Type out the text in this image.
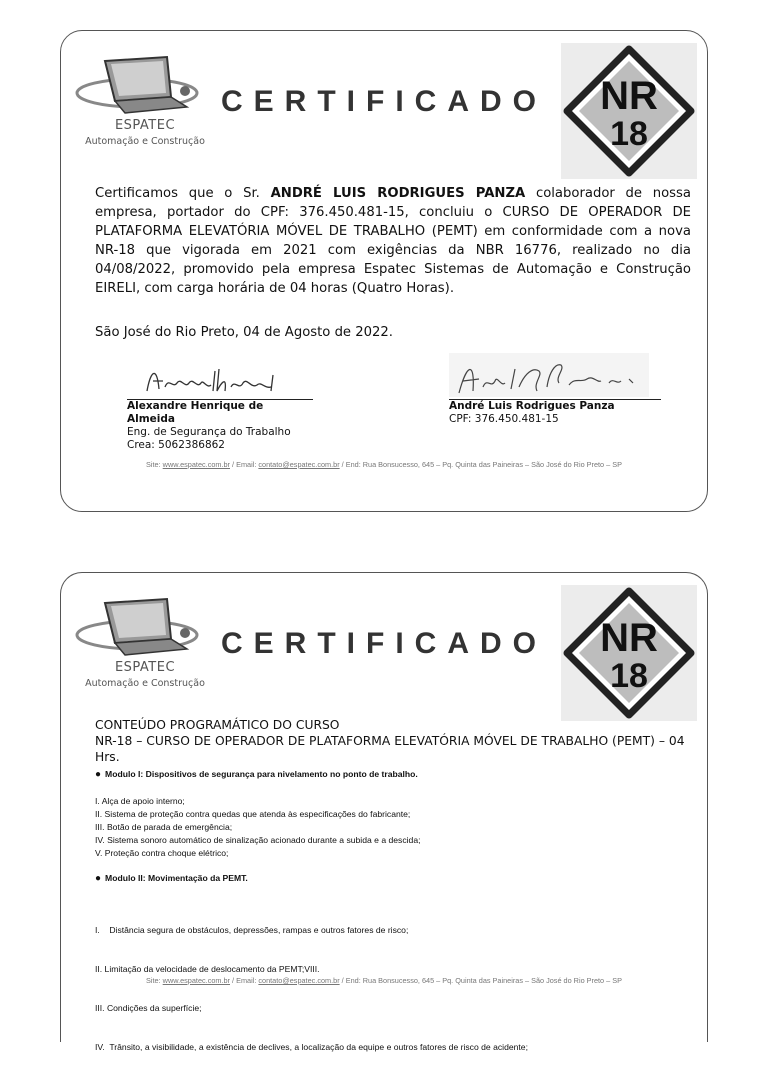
ESPATEC
Automação e Construção
CERTIFICADO NR
18
Certificamos que o Sr. ANDRÉ LUIS RODRIGUES PANZA colaborador de nossa empresa, portador do CPF: 376.450.481-15, concluiu o CURSO DE OPERADOR DE PLATAFORMA ELEVATÓRIA MÓVEL DE TRABALHO (PEMT) em conformidade com a nova NR-18 que vigorada em 2021 com exigências da NBR 16776, realizado no dia 04/08/2022, promovido pela empresa Espatec Sistemas de Automação e Construção EIRELI, com carga horária de 04 horas (Quatro Horas).
São José do Rio Preto, 04 de Agosto de 2022.
Alexandre Henrique de Almeida
Eng. de Segurança do Trabalho
Crea: 5062386862
André Luis Rodrigues Panza
CPF: 376.450.481-15
Site: www.espatec.com.br / Email: contato@espatec.com.br / End: Rua Bonsucesso, 645 – Pq. Quinta das Paineiras – São José do Rio Preto – SP
ESPATEC
Automação e Construção
CERTIFICADO NR
18
CONTEÚDO PROGRAMÁTICO DO CURSO
NR-18 – CURSO DE OPERADOR DE PLATAFORMA ELEVATÓRIA MÓVEL DE TRABALHO (PEMT) – 04 Hrs.
● Modulo I: Dispositivos de segurança para nivelamento no ponto de trabalho.
I. Alça de apoio interno;
II. Sistema de proteção contra quedas que atenda às especificações do fabricante;
III. Botão de parada de emergência;
IV. Sistema sonoro automático de sinalização acionado durante a subida e a descida;
V. Proteção contra choque elétrico;
● Modulo II: Movimentação da PEMT.

I.    Distância segura de obstáculos, depressões, rampas e outros fatores de risco;

II. Limitação da velocidade de deslocamento da PEMT;VIII.

III. Condições da superfície;

IV.  Trânsito, a visibilidade, a existência de declives, a localização da equipe e outros fatores de risco de acidente;

Site: www.espatec.com.br / Email: contato@espatec.com.br / End: Rua Bonsucesso, 645 – Pq. Quinta das Paineiras – São José do Rio Preto – SP
